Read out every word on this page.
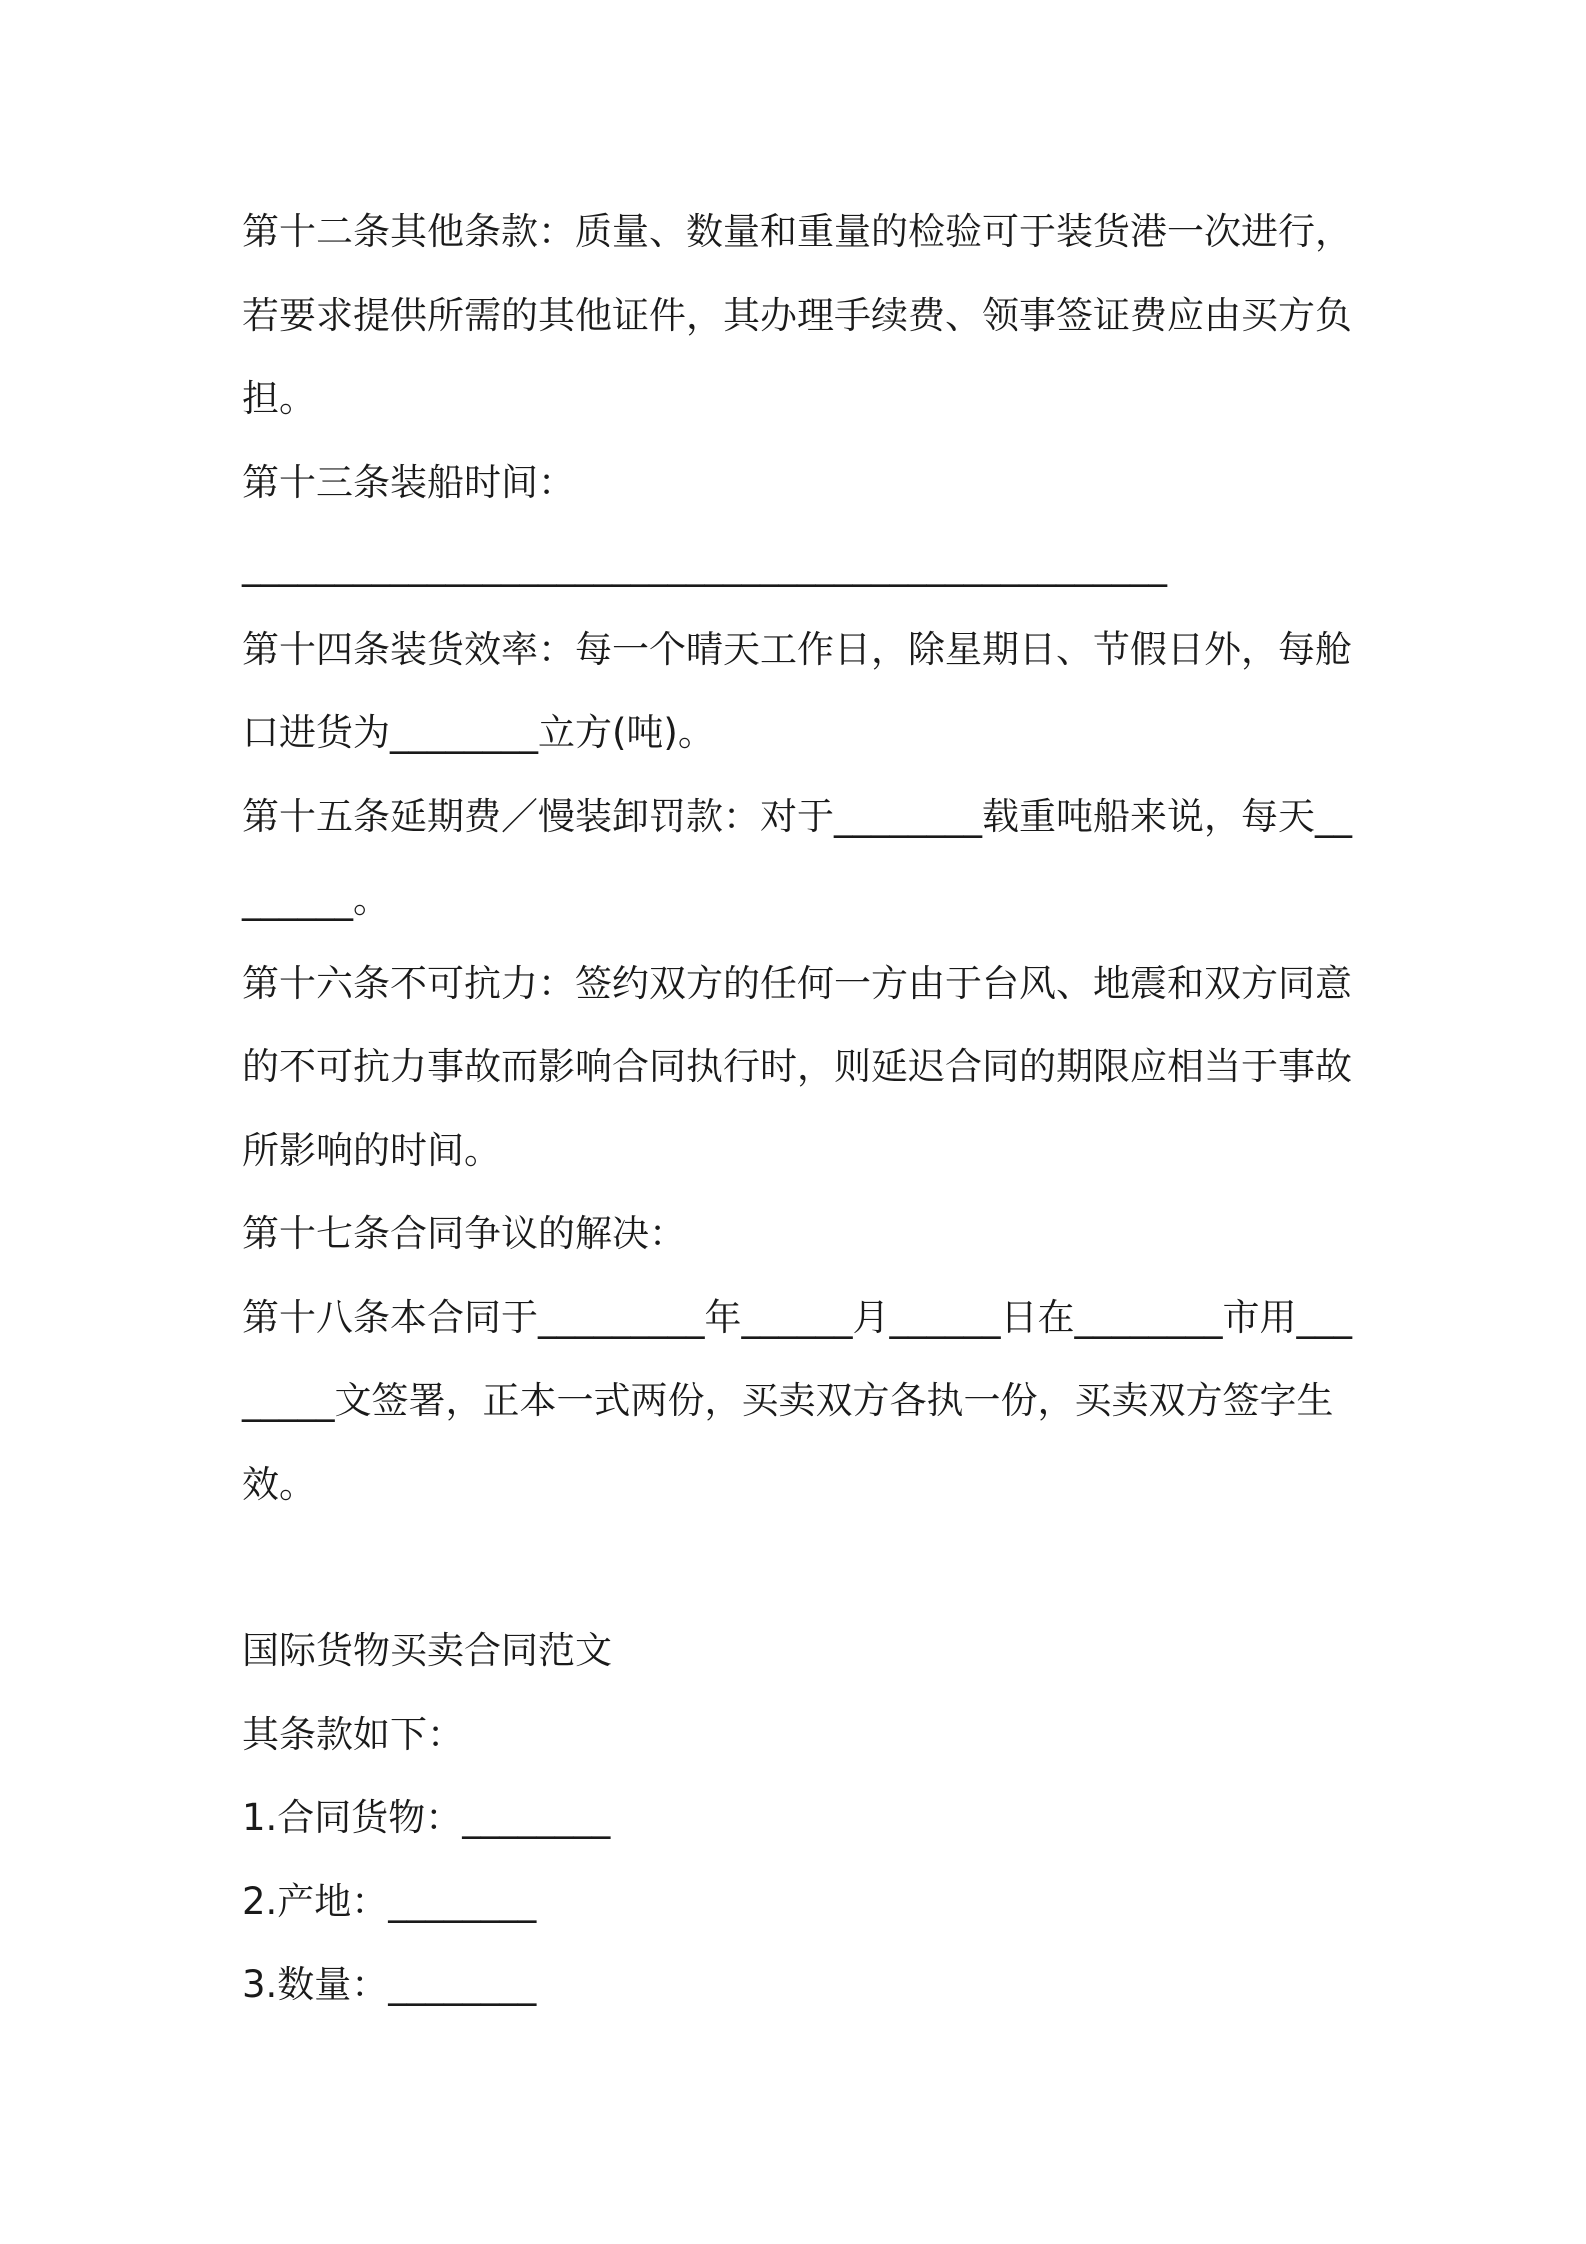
第十二条其他条款：质量、数量和重量的检验可于装货港一次进行，若要求提供所需的其他证件，其办理手续费、领事签证费应由买方负担。

第十三条装船时间：

__________________________________________________

第十四条装货效率：每一个晴天工作日，除星期日、节假日外，每舱口进货为________立方(吨)。

第十五条延期费／慢装卸罚款：对于________载重吨船来说，每天________。

第十六条不可抗力：签约双方的任何一方由于台风、地震和双方同意的不可抗力事故而影响合同执行时，则延迟合同的期限应相当于事故所影响的时间。

第十七条合同争议的解决：

第十八条本合同于_________年______月______日在________市用________文签署，正本一式两份，买卖双方各执一份，买卖双方签字生效。

国际货物买卖合同范文

其条款如下：

1.合同货物：________

2.产地：________

3.数量：________
